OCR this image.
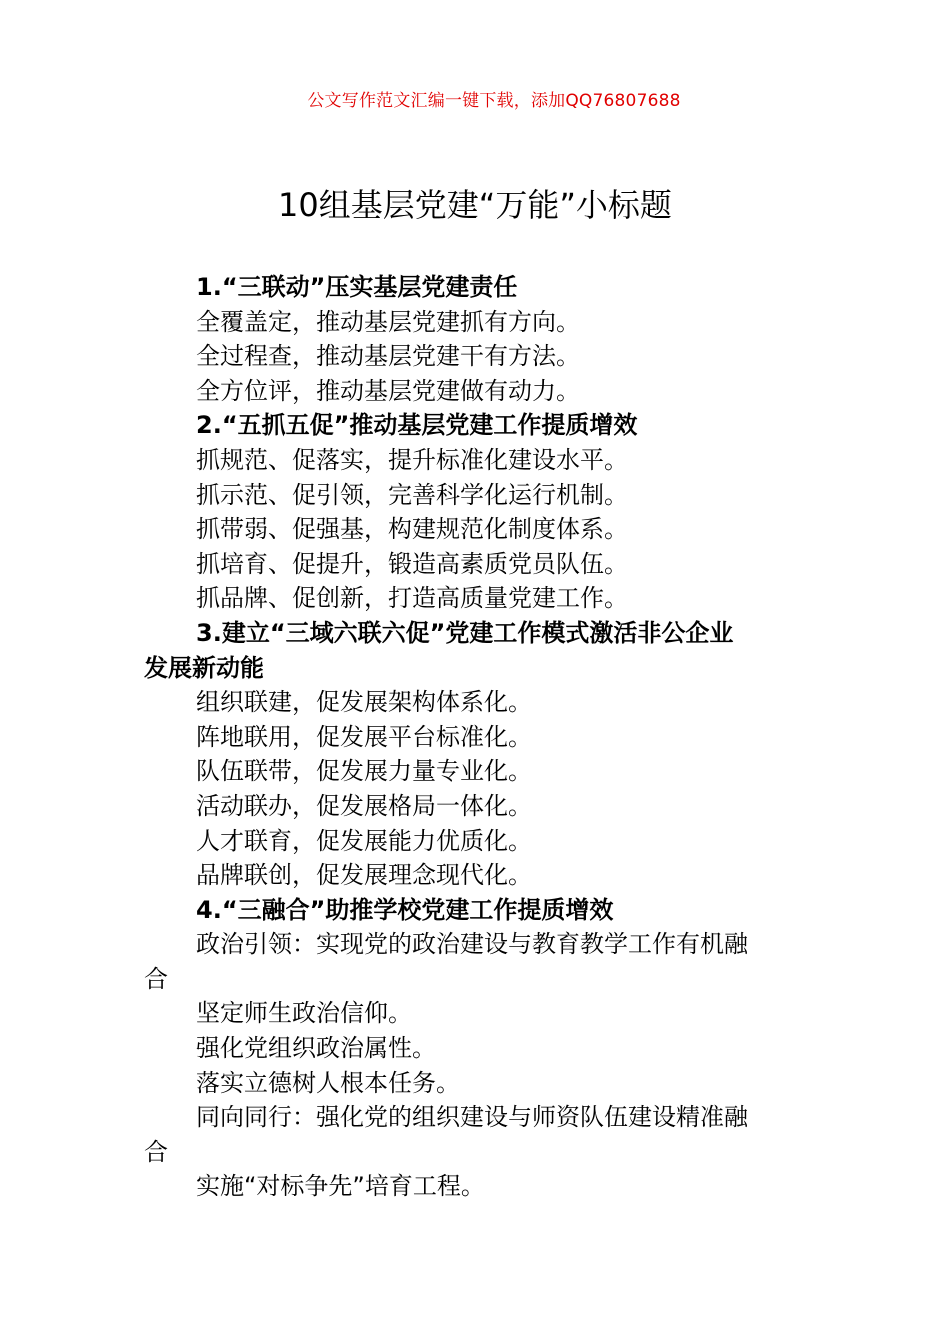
公文写作范文汇编一键下载，添加QQ76807688
10组基层党建“万能”小标题
1.“三联动”压实基层党建责任
全覆盖定，推动基层党建抓有方向。
全过程查，推动基层党建干有方法。
全方位评，推动基层党建做有动力。
2.“五抓五促”推动基层党建工作提质增效
抓规范、促落实，提升标准化建设水平。
抓示范、促引领，完善科学化运行机制。
抓带弱、促强基，构建规范化制度体系。
抓培育、促提升，锻造高素质党员队伍。
抓品牌、促创新，打造高质量党建工作。
3.建立“三域六联六促”党建工作模式激活非公企业
发展新动能
组织联建，促发展架构体系化。
阵地联用，促发展平台标准化。
队伍联带，促发展力量专业化。
活动联办，促发展格局一体化。
人才联育，促发展能力优质化。
品牌联创，促发展理念现代化。
4.“三融合”助推学校党建工作提质增效
政治引领：实现党的政治建设与教育教学工作有机融
合
坚定师生政治信仰。
强化党组织政治属性。
落实立德树人根本任务。
同向同行：强化党的组织建设与师资队伍建设精准融
合
实施“对标争先”培育工程。
